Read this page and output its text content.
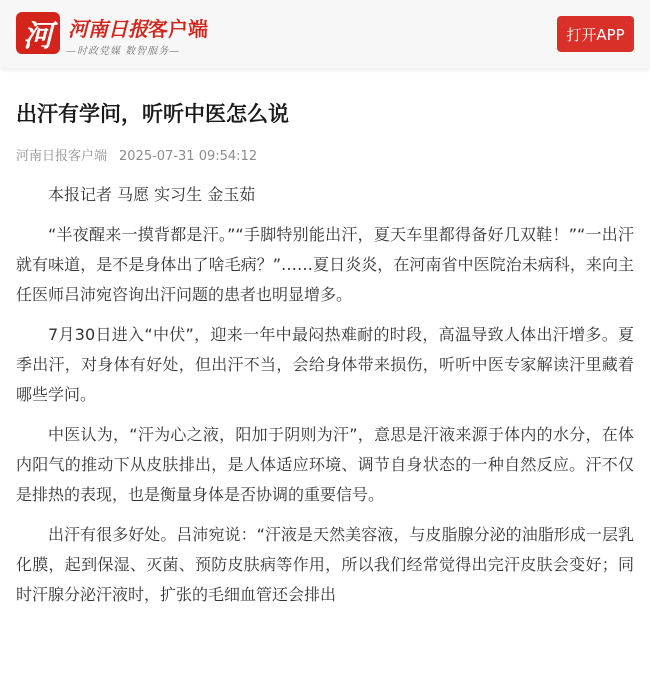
河 河南日报客户端
—时政党媒 数智服务—
打开APP
出汗有学问，听听中医怎么说
河南日报客户端 2025-07-31 09:54:12
本报记者 马愿 实习生 金玉茹

“半夜醒来一摸背都是汗。”“手脚特别能出汗，夏天车里都得备好几双鞋！”“一出汗就有味道，是不是身体出了啥毛病？”……夏日炎炎，在河南省中医院治未病科，来向主任医师吕沛宛咨询出汗问题的患者也明显增多。

7月30日进入“中伏”，迎来一年中最闷热难耐的时段，高温导致人体出汗增多。夏季出汗，对身体有好处，但出汗不当，会给身体带来损伤，听听中医专家解读汗里藏着哪些学问。

中医认为，“汗为心之液，阳加于阴则为汗”，意思是汗液来源于体内的水分，在体内阳气的推动下从皮肤排出，是人体适应环境、调节自身状态的一种自然反应。汗不仅是排热的表现，也是衡量身体是否协调的重要信号。

出汗有很多好处。吕沛宛说：“汗液是天然美容液，与皮脂腺分泌的油脂形成一层乳化膜，起到保湿、灭菌、预防皮肤病等作用，所以我们经常觉得出完汗皮肤会变好；同时汗腺分泌汗液时，扩张的毛细血管还会排出
